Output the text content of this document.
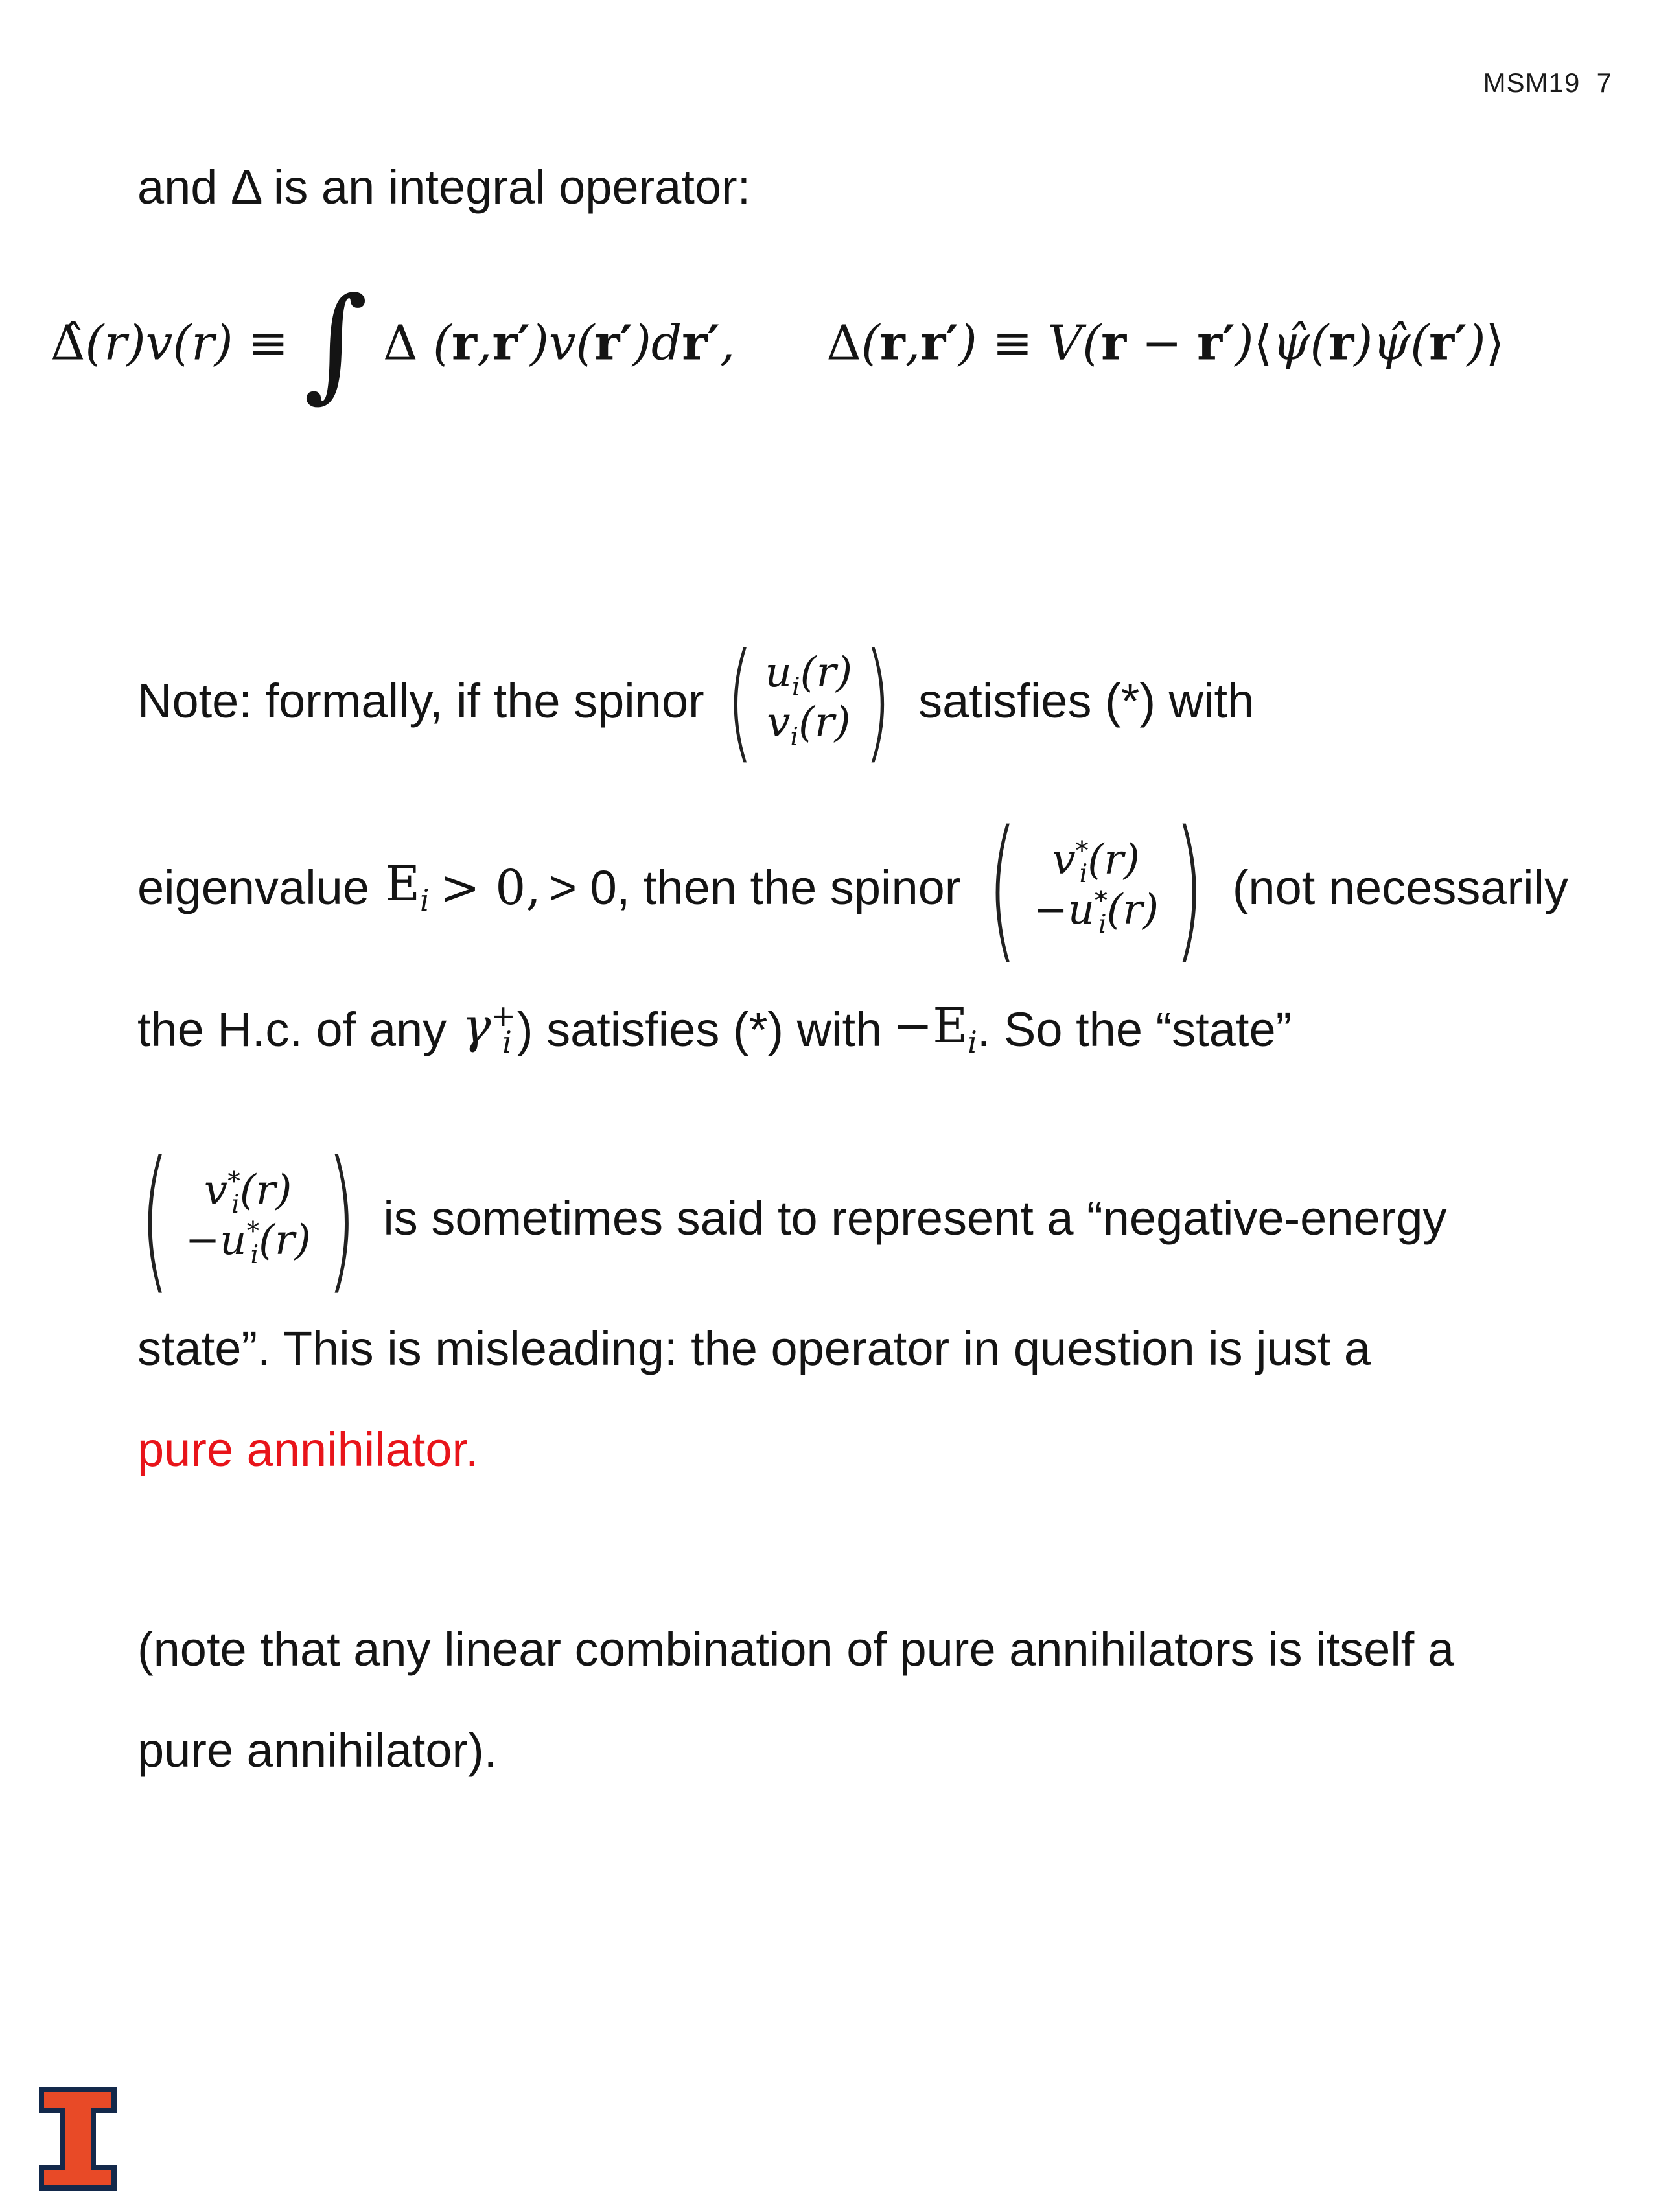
MSM19 7
and Δ is an integral operator:
Δ̂(r)v(r) ≡ ∫ Δ (r,r′)v(r′)dr′,      Δ(r,r′) ≡ V(r − r′)⟨ψ̂(r)ψ̂(r′)⟩
Note: formally, if the spinor ( $u_i(r)$
$v_i(r)$ ) satisfies (*) with
eigenvalue $E_i > 0$, > 0, then the spinor ( $v^*_i(r)$
$-u^*_i(r)$ ) (not necessarily
the H.c. of any $\gamma^+_i$ ) satisfies (*) with $-E_i$ . So the “state”
( $v^*_i(r)$
$-u^*_i(r)$ ) is sometimes said to represent a “negative-energy
state”. This is misleading: the operator in question is just a
pure annihilator.
(note that any linear combination of pure annihilators is itself a
pure annihilator).
